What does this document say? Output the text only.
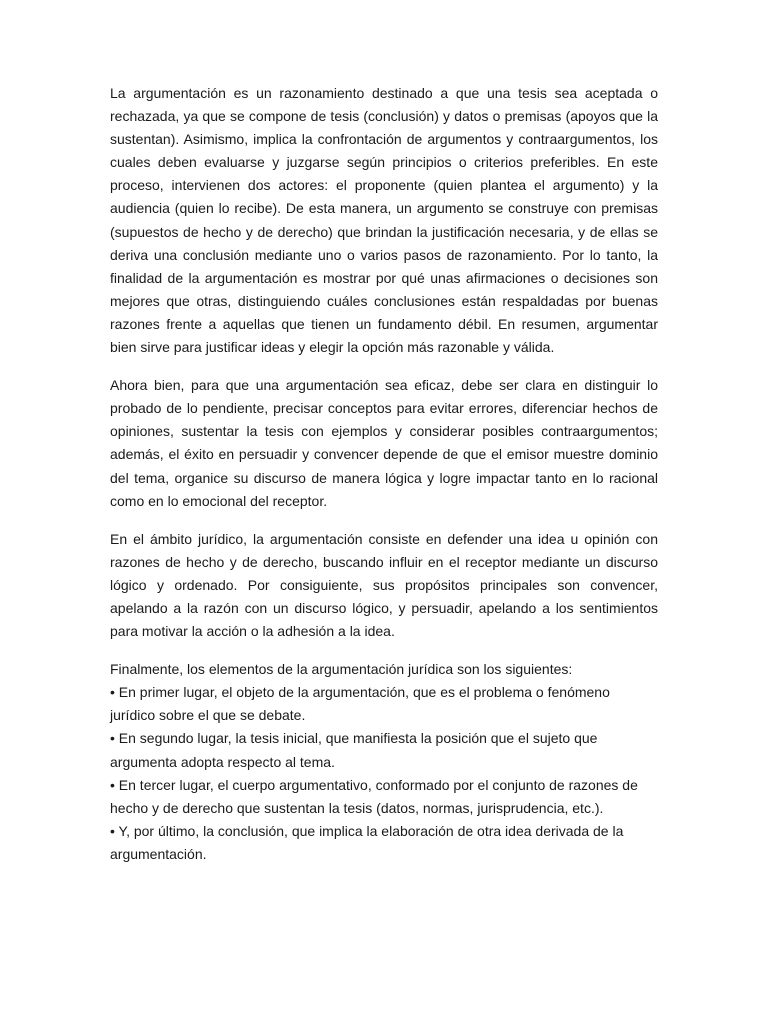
La argumentación es un razonamiento destinado a que una tesis sea aceptada o rechazada, ya que se compone de tesis (conclusión) y datos o premisas (apoyos que la sustentan). Asimismo, implica la confrontación de argumentos y contraargumentos, los cuales deben evaluarse y juzgarse según principios o criterios preferibles. En este proceso, intervienen dos actores: el proponente (quien plantea el argumento) y la audiencia (quien lo recibe). De esta manera, un argumento se construye con premisas (supuestos de hecho y de derecho) que brindan la justificación necesaria, y de ellas se deriva una conclusión mediante uno o varios pasos de razonamiento. Por lo tanto, la finalidad de la argumentación es mostrar por qué unas afirmaciones o decisiones son mejores que otras, distinguiendo cuáles conclusiones están respaldadas por buenas razones frente a aquellas que tienen un fundamento débil. En resumen, argumentar bien sirve para justificar ideas y elegir la opción más razonable y válida.

Ahora bien, para que una argumentación sea eficaz, debe ser clara en distinguir lo probado de lo pendiente, precisar conceptos para evitar errores, diferenciar hechos de opiniones, sustentar la tesis con ejemplos y considerar posibles contraargumentos; además, el éxito en persuadir y convencer depende de que el emisor muestre dominio del tema, organice su discurso de manera lógica y logre impactar tanto en lo racional como en lo emocional del receptor.

En el ámbito jurídico, la argumentación consiste en defender una idea u opinión con razones de hecho y de derecho, buscando influir en el receptor mediante un discurso lógico y ordenado. Por consiguiente, sus propósitos principales son convencer, apelando a la razón con un discurso lógico, y persuadir, apelando a los sentimientos para motivar la acción o la adhesión a la idea.

Finalmente, los elementos de la argumentación jurídica son los siguientes:

• En primer lugar, el objeto de la argumentación, que es el problema o fenómeno jurídico sobre el que se debate.

• En segundo lugar, la tesis inicial, que manifiesta la posición que el sujeto que argumenta adopta respecto al tema.

• En tercer lugar, el cuerpo argumentativo, conformado por el conjunto de razones de hecho y de derecho que sustentan la tesis (datos, normas, jurisprudencia, etc.).

• Y, por último, la conclusión, que implica la elaboración de otra idea derivada de la argumentación.
